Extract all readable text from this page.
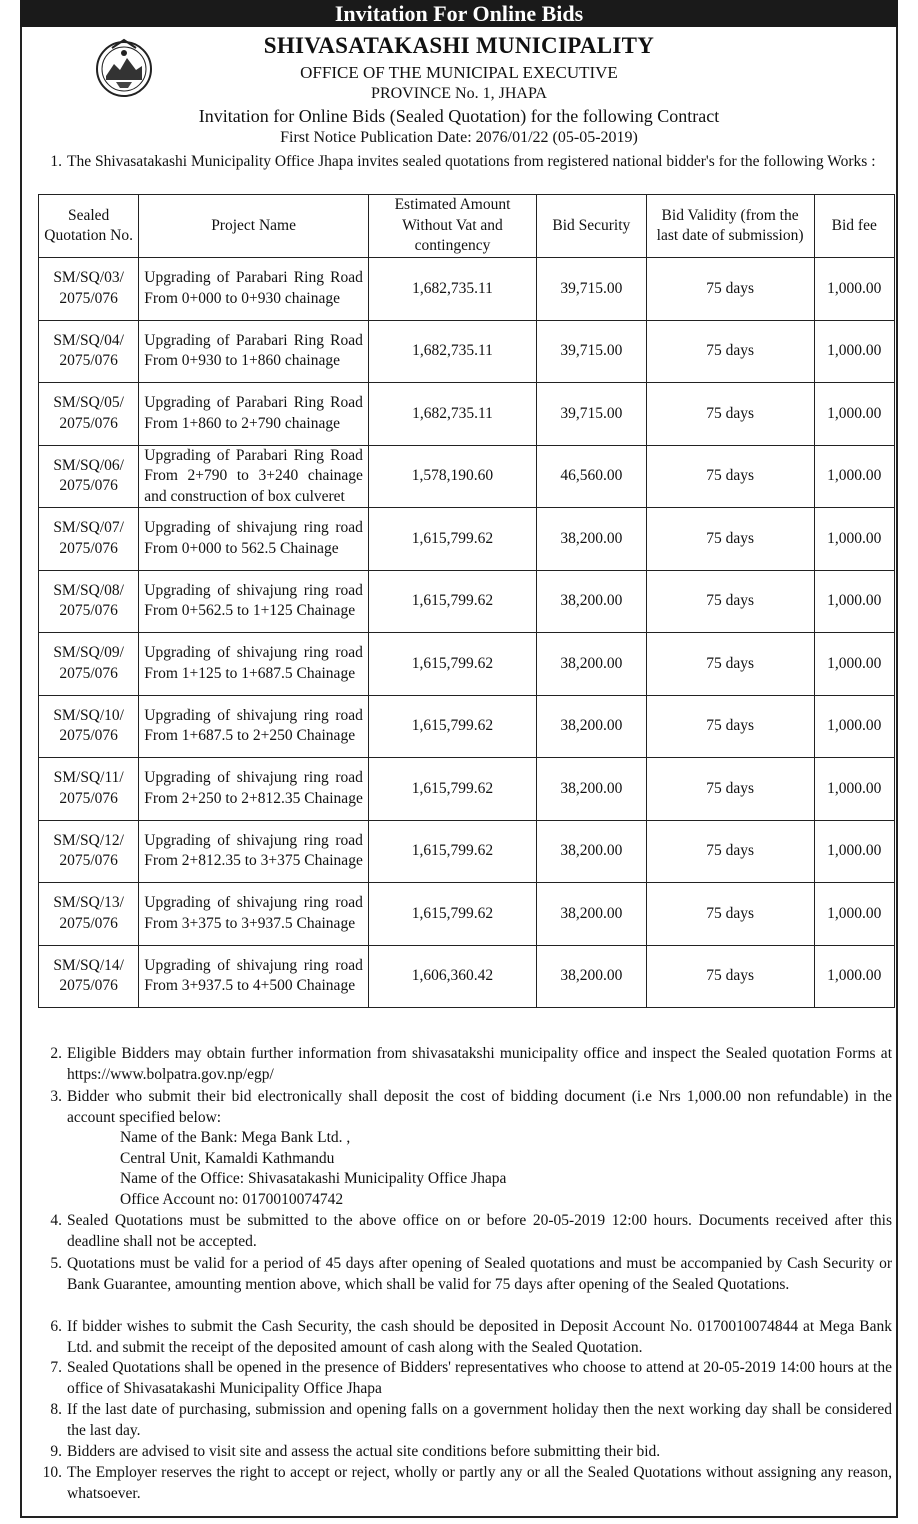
Invitation For Online Bids
SHIVASATAKASHI MUNICIPALITY
OFFICE OF THE MUNICIPAL EXECUTIVE
PROVINCE No. 1, JHAPA
Invitation for Online Bids (Sealed Quotation) for the following Contract
First Notice Publication Date: 2076/01/22 (05-05-2019)
1. The Shivasatakashi Municipality Office Jhapa invites sealed quotations from registered national bidder's for the following Works :
Sealed Quotation No.	Project Name	Estimated Amount Without Vat and contingency	Bid Security	Bid Validity (from the last date of submission)	Bid fee
SM/SQ/03/ 2075/076	Upgrading of Parabari Ring Road From 0+000 to 0+930 chainage	1,682,735.11	39,715.00	75 days	1,000.00
SM/SQ/04/ 2075/076	Upgrading of Parabari Ring Road From 0+930 to 1+860 chainage	1,682,735.11	39,715.00	75 days	1,000.00
SM/SQ/05/ 2075/076	Upgrading of Parabari Ring Road From 1+860 to 2+790 chainage	1,682,735.11	39,715.00	75 days	1,000.00
SM/SQ/06/ 2075/076	Upgrading of Parabari Ring Road From 2+790 to 3+240 chainage and construction of box culveret	1,578,190.60	46,560.00	75 days	1,000.00
SM/SQ/07/ 2075/076	Upgrading of shivajung ring road From 0+000 to 562.5 Chainage	1,615,799.62	38,200.00	75 days	1,000.00
SM/SQ/08/ 2075/076	Upgrading of shivajung ring road From 0+562.5 to 1+125 Chainage	1,615,799.62	38,200.00	75 days	1,000.00
SM/SQ/09/ 2075/076	Upgrading of shivajung ring road From 1+125 to 1+687.5 Chainage	1,615,799.62	38,200.00	75 days	1,000.00
SM/SQ/10/ 2075/076	Upgrading of shivajung ring road From 1+687.5 to 2+250 Chainage	1,615,799.62	38,200.00	75 days	1,000.00
SM/SQ/11/ 2075/076	Upgrading of shivajung ring road From 2+250 to 2+812.35 Chainage	1,615,799.62	38,200.00	75 days	1,000.00
SM/SQ/12/ 2075/076	Upgrading of shivajung ring road From 2+812.35 to 3+375 Chainage	1,615,799.62	38,200.00	75 days	1,000.00
SM/SQ/13/ 2075/076	Upgrading of shivajung ring road From 3+375 to 3+937.5 Chainage	1,615,799.62	38,200.00	75 days	1,000.00
SM/SQ/14/ 2075/076	Upgrading of shivajung ring road From 3+937.5 to 4+500 Chainage	1,606,360.42	38,200.00	75 days	1,000.00
2. Eligible Bidders may obtain further information from shivasatakshi municipality office and inspect the Sealed quotation Forms at https://www.bolpatra.gov.np/egp/
3. Bidder who submit their bid electronically shall deposit the cost of bidding document (i.e Nrs 1,000.00 non refundable) in the account specified below:
Name of the Bank: Mega Bank Ltd. ,
Central Unit, Kamaldi Kathmandu
Name of the Office: Shivasatakashi Municipality Office Jhapa
Office Account no: 0170010074742
4. Sealed Quotations must be submitted to the above office on or before 20-05-2019 12:00 hours. Documents received after this deadline shall not be accepted.
5. Quotations must be valid for a period of 45 days after opening of Sealed quotations and must be accompanied by Cash Security or Bank Guarantee, amounting mention above, which shall be valid for 75 days after opening of the Sealed Quotations.
6. If bidder wishes to submit the Cash Security, the cash should be deposited in Deposit Account No. 0170010074844 at Mega Bank Ltd. and submit the receipt of the deposited amount of cash along with the Sealed Quotation.
7. Sealed Quotations shall be opened in the presence of Bidders' representatives who choose to attend at 20-05-2019 14:00 hours at the office of Shivasatakashi Municipality Office Jhapa
8. If the last date of purchasing, submission and opening falls on a government holiday then the next working day shall be considered the last day.
9. Bidders are advised to visit site and assess the actual site conditions before submitting their bid.
10. The Employer reserves the right to accept or reject, wholly or partly any or all the Sealed Quotations without assigning any reason, whatsoever.
